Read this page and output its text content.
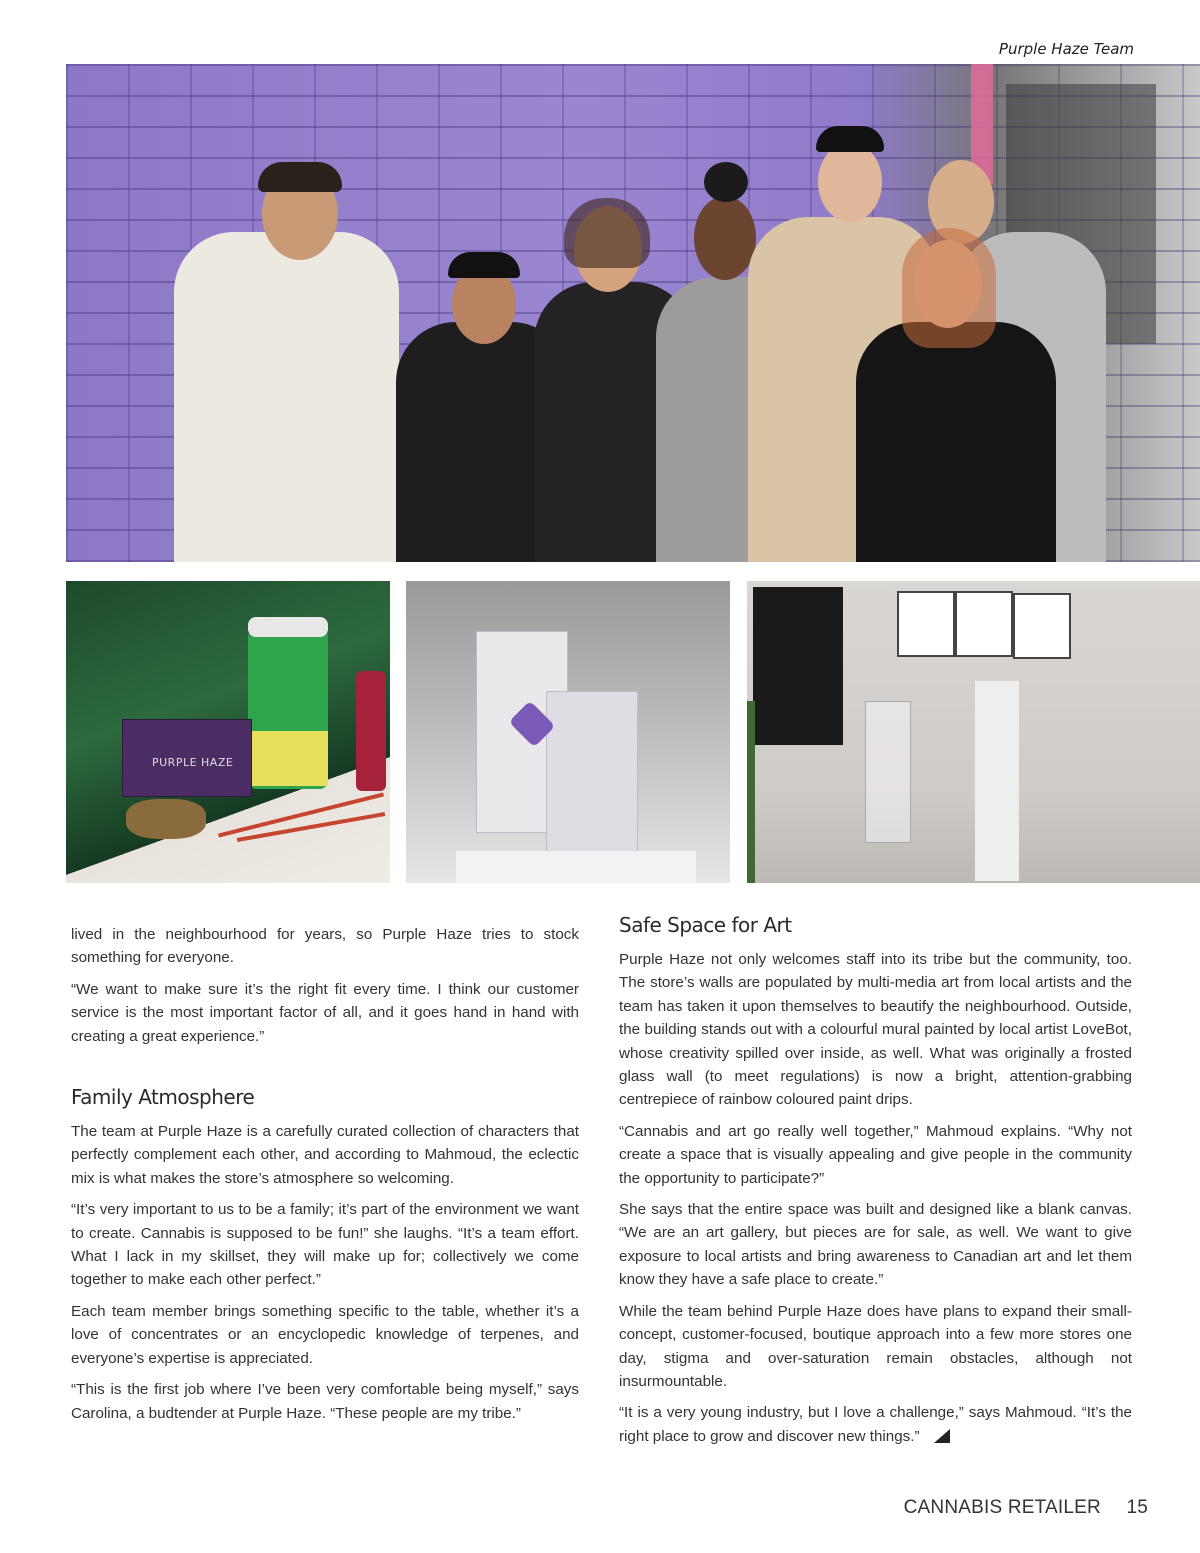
Purple Haze Team
PURPLE HAZE

lived in the neighbourhood for years, so Purple Haze tries to stock something for everyone.

“We want to make sure it’s the right fit every time. I think our customer service is the most important factor of all, and it goes hand in hand with creating a great experience.”

Family Atmosphere

The team at Purple Haze is a carefully curated collection of characters that perfectly complement each other, and according to Mahmoud, the eclectic mix is what makes the store’s atmosphere so welcoming.

“It’s very important to us to be a family; it’s part of the environment we want to create. Cannabis is supposed to be fun!” she laughs. “It’s a team effort. What I lack in my skillset, they will make up for; collectively we come together to make each other perfect.”

Each team member brings something specific to the table, whether it’s a love of concentrates or an encyclopedic knowledge of terpenes, and everyone’s expertise is appreciated.

“This is the first job where I’ve been very comfortable being myself,” says Carolina, a budtender at Purple Haze. “These people are my tribe.”

Safe Space for Art

Purple Haze not only welcomes staff into its tribe but the community, too. The store’s walls are populated by multi-media art from local artists and the team has taken it upon themselves to beautify the neighbourhood. Outside, the building stands out with a colourful mural painted by local artist LoveBot, whose creativity spilled over inside, as well. What was originally a frosted glass wall (to meet regulations) is now a bright, attention-grabbing centrepiece of rainbow coloured paint drips.

“Cannabis and art go really well together,” Mahmoud explains. “Why not create a space that is visually appealing and give people in the community the opportunity to participate?”

She says that the entire space was built and designed like a blank canvas. “We are an art gallery, but pieces are for sale, as well. We want to give exposure to local artists and bring awareness to Canadian art and let them know they have a safe place to create.”

While the team behind Purple Haze does have plans to expand their small-concept, customer-focused, boutique approach into a few more stores one day, stigma and over-saturation remain obstacles, although not insurmountable.

“It is a very young industry, but I love a challenge,” says Mahmoud. “It’s the right place to grow and discover new things.”

CANNABIS RETAILER 15
